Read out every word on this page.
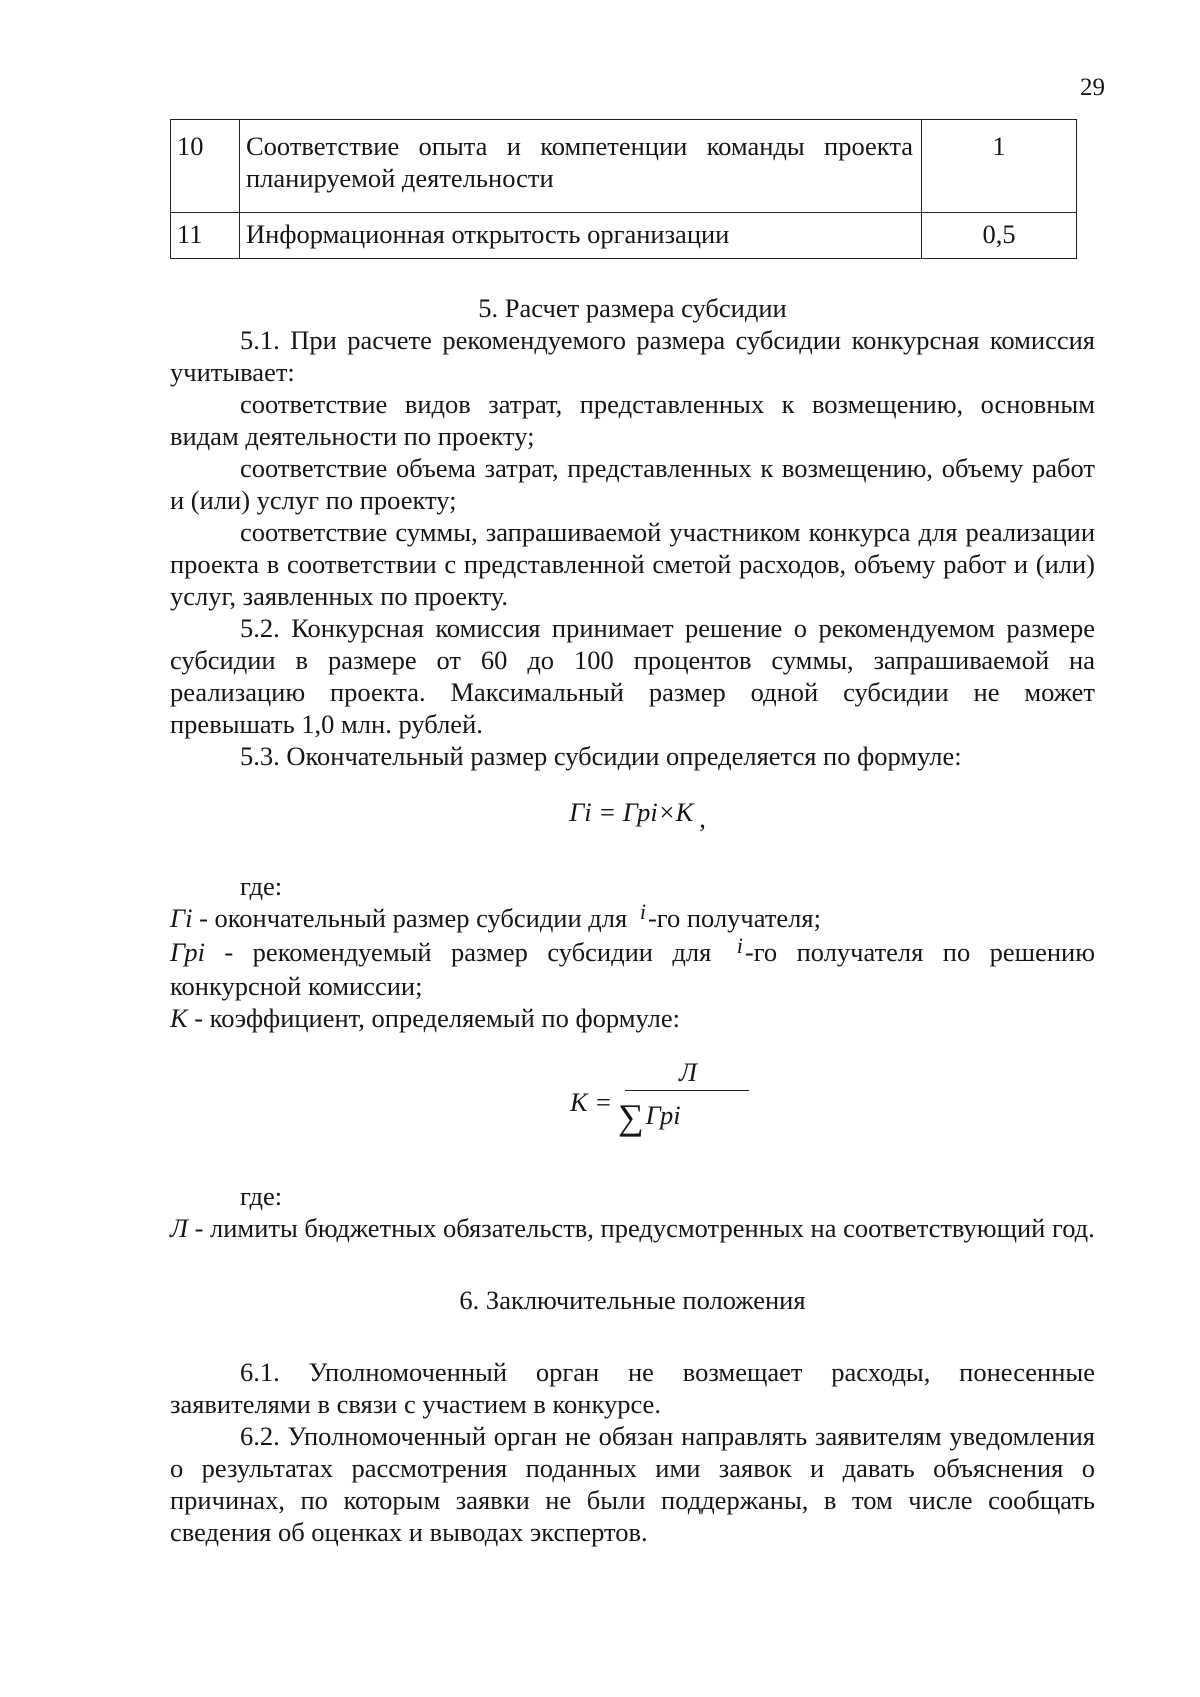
29
10	Соответствие опыта и компетенции команды проекта планируемой деятельности	1
11	Информационная открытость организации	0,5

5. Расчет размера субсидии

5.1. При расчете рекомендуемого размера субсидии конкурсная комиссия учитывает:

соответствие видов затрат, представленных к возмещению, основным видам деятельности по проекту;

соответствие объема затрат, представленных к возмещению, объему работ и (или) услуг по проекту;

соответствие суммы, запрашиваемой участником конкурса для реализации проекта в соответствии с представленной сметой расходов, объему работ и (или) услуг, заявленных по проекту.

5.2. Конкурсная комиссия принимает решение о рекомендуемом размере субсидии в размере от 60 до 100 процентов суммы, запрашиваемой на реализацию проекта. Максимальный размер одной субсидии не может превышать 1,0 млн. рублей.

5.3. Окончательный размер субсидии определяется по формуле:

Гi = Грi×К ,

где:

Гi - окончательный размер субсидии для $^i$-го получателя;

Грi - рекомендуемый размер субсидии для $^i$-го получателя по решению конкурсной комиссии;

К - коэффициент, определяемый по формуле:

К =
Л
∑Грi

где:

Л - лимиты бюджетных обязательств, предусмотренных на соответствующий год.

6. Заключительные положения

6.1. Уполномоченный орган не возмещает расходы, понесенные заявителями в связи с участием в конкурсе.

6.2. Уполномоченный орган не обязан направлять заявителям уведомления о результатах рассмотрения поданных ими заявок и давать объяснения о причинах, по которым заявки не были поддержаны, в том числе сообщать сведения об оценках и выводах экспертов.
